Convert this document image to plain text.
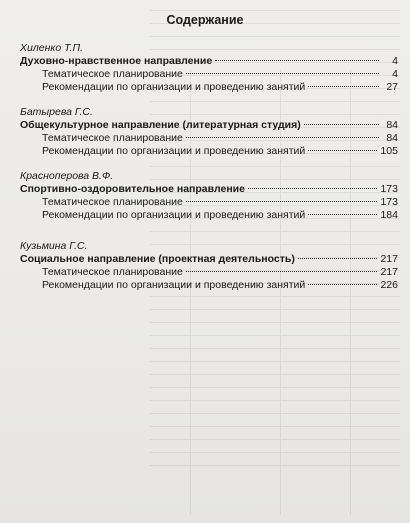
Содержание
Хиленко Т.П.
Духовно-нравственное направление	4
Тематическое планирование	4
Рекомендации по организации и проведению занятий	27
Батырева Г.С.
Общекультурное направление (литературная студия)	84
Тематическое планирование	84
Рекомендации по организации и проведению занятий	105
Красноперова В.Ф.
Спортивно-оздоровительное направление	173
Тематическое планирование	173
Рекомендации по организации и проведению занятий	184
Кузьмина Г.С.
Социальное направление (проектная деятельность)	217
Тематическое планирование	217
Рекомендации по организации и проведению занятий	226
